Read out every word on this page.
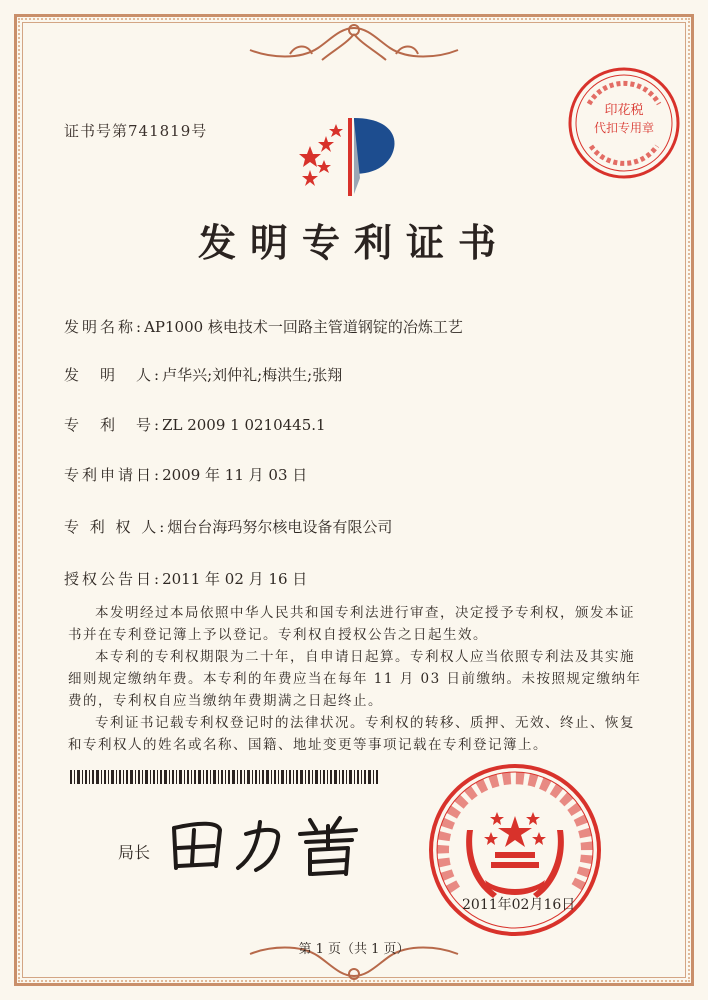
证书号第741819号
印花税
代扣专用章
发明专利证书
发明名称:AP1000 核电技术一回路主管道钢锭的冶炼工艺
发　明　人:卢华兴;刘仲礼;梅洪生;张翔
专　利　号:ZL 2009 1 0210445.1
专利申请日:2009 年 11 月 03 日
专 利 权 人:烟台台海玛努尔核电设备有限公司
授权公告日:2011 年 02 月 16 日

本发明经过本局依照中华人民共和国专利法进行审查，决定授予专利权，颁发本证书并在专利登记簿上予以登记。专利权自授权公告之日起生效。

本专利的专利权期限为二十年，自申请日起算。专利权人应当依照专利法及其实施细则规定缴纳年费。本专利的年费应当在每年 11 月 03 日前缴纳。未按照规定缴纳年费的，专利权自应当缴纳年费期满之日起终止。

专利证书记载专利权登记时的法律状况。专利权的转移、质押、无效、终止、恢复和专利权人的姓名或名称、国籍、地址变更等事项记载在专利登记簿上。

局长
2011年02月16日
第 1 页（共 1 页）
